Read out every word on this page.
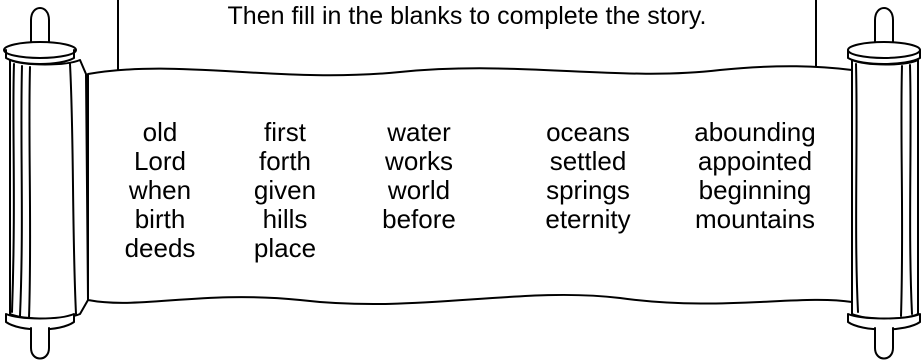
Then fill in the blanks to complete the story.
old
Lord
when
birth
deeds
first
forth
given
hills
place
water
works
world
before
oceans
settled
springs
eternity
abounding
appointed
beginning
mountains
